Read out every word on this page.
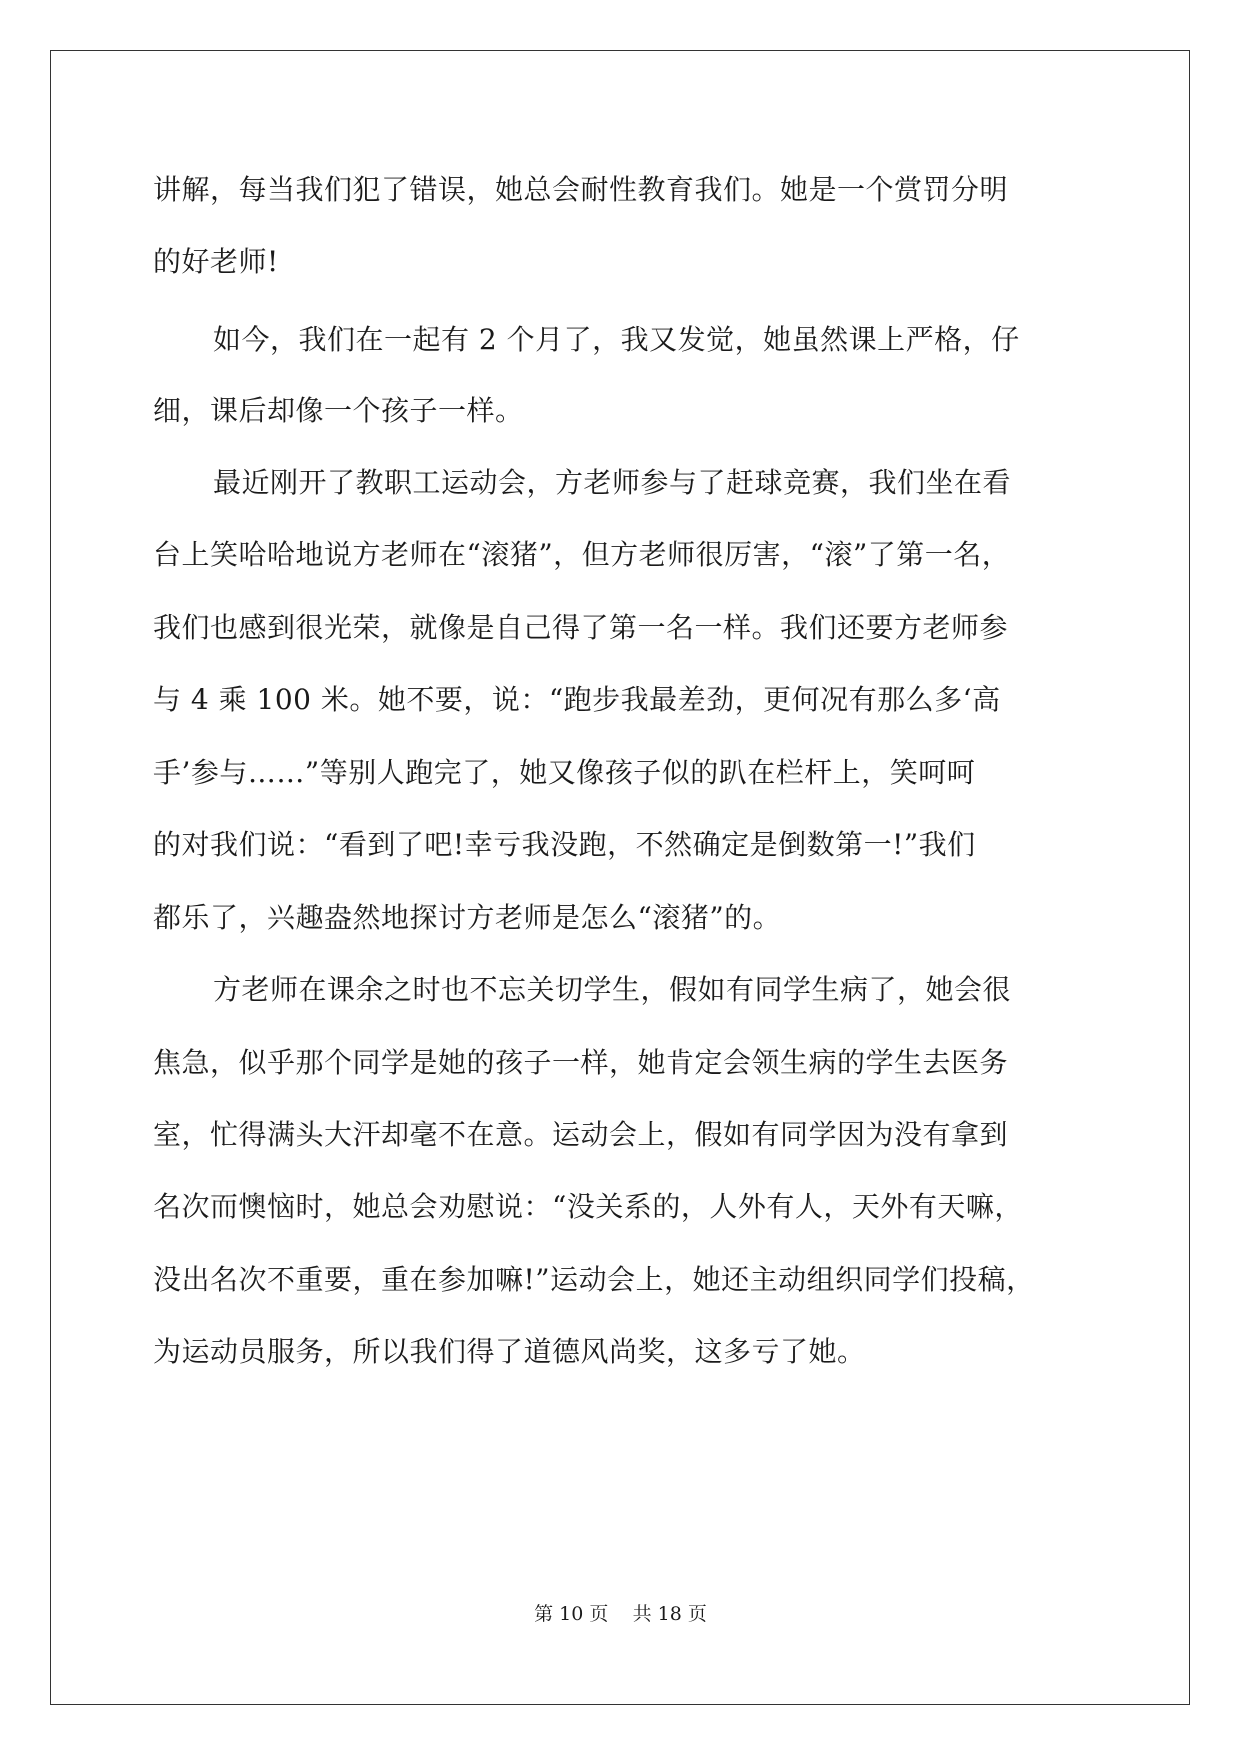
讲解，每当我们犯了错误，她总会耐性教育我们。她是一个赏罚分明
的好老师!
如今，我们在一起有 2 个月了，我又发觉，她虽然课上严格，仔
细，课后却像一个孩子一样。
最近刚开了教职工运动会，方老师参与了赶球竞赛，我们坐在看
台上笑哈哈地说方老师在“滚猪”，但方老师很厉害，“滚”了第一名，
我们也感到很光荣，就像是自己得了第一名一样。我们还要方老师参
与 4 乘 100 米。她不要，说：“跑步我最差劲，更何况有那么多‘高
手’参与……”等别人跑完了，她又像孩子似的趴在栏杆上，笑呵呵
的对我们说：“看到了吧!幸亏我没跑，不然确定是倒数第一!”我们
都乐了，兴趣盎然地探讨方老师是怎么“滚猪”的。
方老师在课余之时也不忘关切学生，假如有同学生病了，她会很
焦急，似乎那个同学是她的孩子一样，她肯定会领生病的学生去医务
室，忙得满头大汗却毫不在意。运动会上，假如有同学因为没有拿到
名次而懊恼时，她总会劝慰说：“没关系的，人外有人，天外有天嘛，
没出名次不重要，重在参加嘛!”运动会上，她还主动组织同学们投稿，
为运动员服务，所以我们得了道德风尚奖，这多亏了她。
第 10 页 共 18 页
